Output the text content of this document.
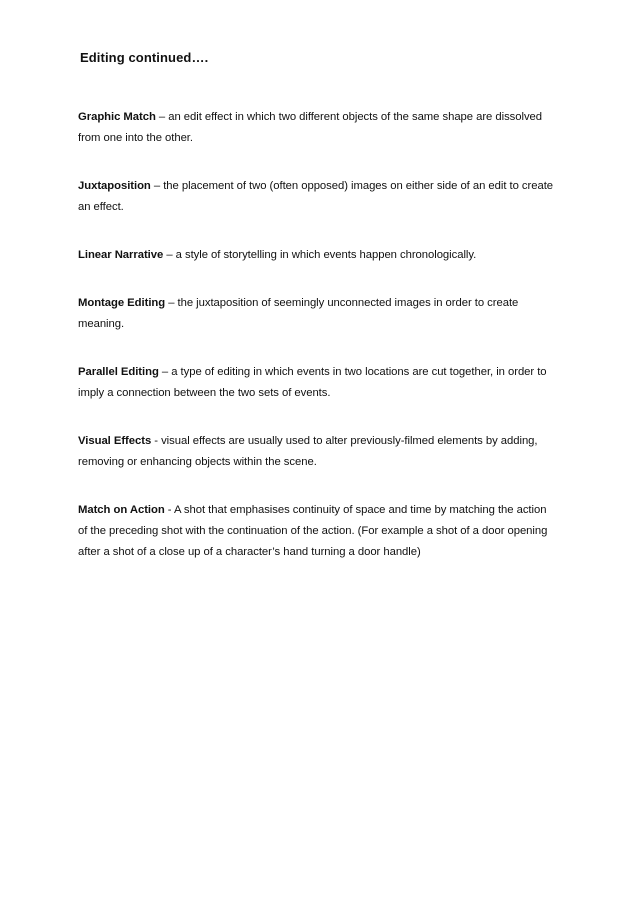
Editing continued….

Graphic Match – an edit effect in which two different objects of the same shape are dissolved from one into the other.

Juxtaposition – the placement of two (often opposed) images on either side of an edit to create an effect.

Linear Narrative – a style of storytelling in which events happen chronologically.

Montage Editing – the juxtaposition of seemingly unconnected images in order to create meaning.

Parallel Editing – a type of editing in which events in two locations are cut together, in order to imply a connection between the two sets of events.

Visual Effects - visual effects are usually used to alter previously-filmed elements by adding, removing or enhancing objects within the scene.

Match on Action - A shot that emphasises continuity of space and time by matching the action of the preceding shot with the continuation of the action. (For example a shot of a door opening after a shot of a close up of a character’s hand turning a door handle)
